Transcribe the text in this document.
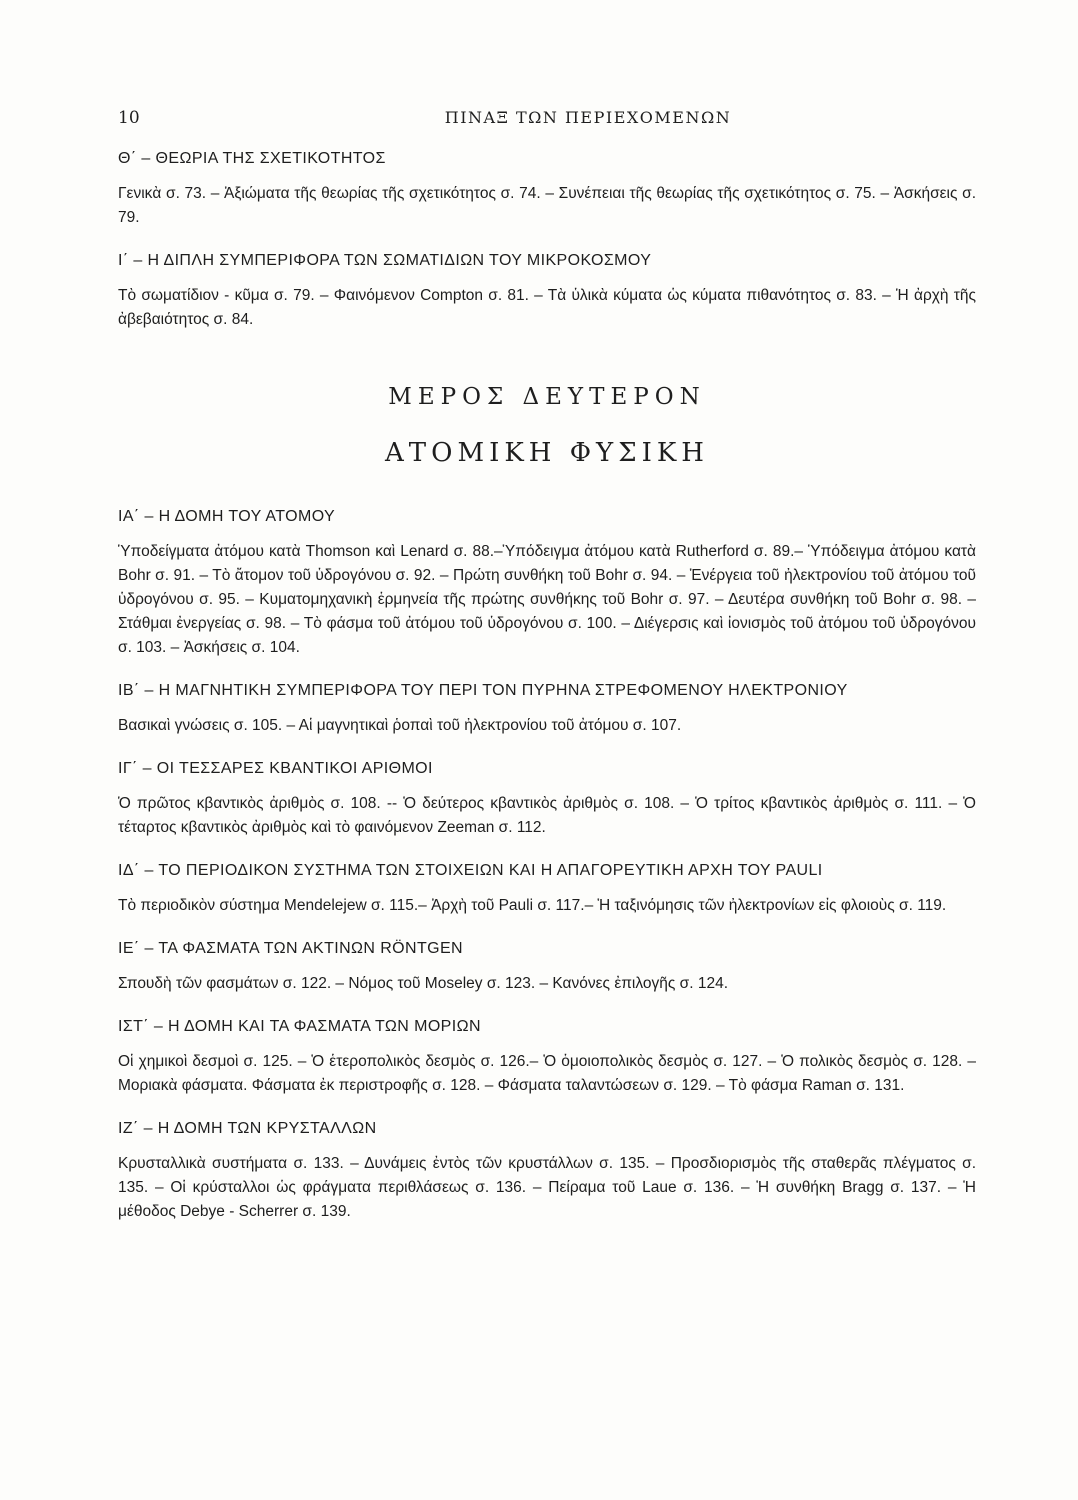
10	ΠΙΝΑΞ ΤΩΝ ΠΕΡΙΕΧΟΜΕΝΩΝ
Θ΄ – ΘΕΩΡΙΑ ΤΗΣ ΣΧΕΤΙΚΟΤΗΤΟΣ

Γενικὰ σ. 73. – Ἀξιώματα τῆς θεωρίας τῆς σχετικότητος σ. 74. – Συνέπειαι τῆς θεωρίας τῆς σχετικότητος σ. 75. – Ἀσκήσεις σ. 79.

Ι΄ – Η ΔΙΠΛΗ ΣΥΜΠΕΡΙΦΟΡΑ ΤΩΝ ΣΩΜΑΤΙΔΙΩΝ ΤΟΥ ΜΙΚΡΟΚΟΣΜΟΥ

Τὸ σωματίδιον - κῦμα σ. 79. – Φαινόμενον Compton σ. 81. – Τὰ ὑλικὰ κύματα ὡς κύματα πιθανότητος σ. 83. – Ἡ ἀρχὴ τῆς ἀβεβαιότητος σ. 84.

ΜΕΡΟΣ ΔΕΥΤΕΡΟΝ
ΑΤΟΜΙΚΗ ΦΥΣΙΚΗ
ΙΑ΄ – Η ΔΟΜΗ ΤΟΥ ΑΤΟΜΟΥ

Ὑποδείγματα ἀτόμου κατὰ Thomson καὶ Lenard σ. 88.–Ὑπόδειγμα ἀτόμου κατὰ Rutherford σ. 89.– Ὑπόδειγμα ἀτόμου κατὰ Bohr σ. 91. – Τὸ ἄτομον τοῦ ὑδρογόνου σ. 92. – Πρώτη συνθήκη τοῦ Bohr σ. 94. – Ἐνέργεια τοῦ ἠλεκτρονίου τοῦ ἀτόμου τοῦ ὑδρογόνου σ. 95. – Κυματομηχανικὴ ἑρμηνεία τῆς πρώτης συνθήκης τοῦ Bohr σ. 97. – Δευτέρα συνθήκη τοῦ Bohr σ. 98. – Στάθμαι ἐνεργείας σ. 98. – Τὸ φάσμα τοῦ ἀτόμου τοῦ ὑδρογόνου σ. 100. – Διέγερσις καὶ ἰονισμὸς τοῦ ἀτόμου τοῦ ὑδρογόνου σ. 103. – Ἀσκήσεις σ. 104.

ΙΒ΄ – Η ΜΑΓΝΗΤΙΚΗ ΣΥΜΠΕΡΙΦΟΡΑ ΤΟΥ ΠΕΡΙ ΤΟΝ ΠΥΡΗΝΑ ΣΤΡΕΦΟΜΕΝΟΥ ΗΛΕΚΤΡΟΝΙΟΥ

Βασικαὶ γνώσεις σ. 105. – Αἱ μαγνητικαὶ ῥοπαὶ τοῦ ἠλεκτρονίου τοῦ ἀτόμου σ. 107.

ΙΓ΄ – ΟΙ ΤΕΣΣΑΡΕΣ ΚΒΑΝΤΙΚΟΙ ΑΡΙΘΜΟΙ

Ὁ πρῶτος κβαντικὸς ἀριθμὸς σ. 108. -- Ὁ δεύτερος κβαντικὸς ἀριθμὸς σ. 108. – Ὁ τρίτος κβαντικὸς ἀριθμὸς σ. 111. – Ὁ τέταρτος κβαντικὸς ἀριθμὸς καὶ τὸ φαινόμενον Zeeman σ. 112.

ΙΔ΄ – ΤΟ ΠΕΡΙΟΔΙΚΟΝ ΣΥΣΤΗΜΑ ΤΩΝ ΣΤΟΙΧΕΙΩΝ ΚΑΙ Η ΑΠΑΓΟΡΕΥΤΙΚΗ ΑΡΧΗ ΤΟΥ PAULI

Τὸ περιοδικὸν σύστημα Mendelejew σ. 115.– Ἀρχὴ τοῦ Pauli σ. 117.– Ἡ ταξινόμησις τῶν ἠλεκτρονίων εἰς φλοιοὺς σ. 119.

ΙΕ΄ – ΤΑ ΦΑΣΜΑΤΑ ΤΩΝ ΑΚΤΙΝΩΝ RÖNTGEN

Σπουδὴ τῶν φασμάτων σ. 122. – Νόμος τοῦ Moseley σ. 123. – Κανόνες ἐπιλογῆς σ. 124.

ΙΣΤ΄ – Η ΔΟΜΗ ΚΑΙ ΤΑ ΦΑΣΜΑΤΑ ΤΩΝ ΜΟΡΙΩΝ

Οἱ χημικοὶ δεσμοὶ σ. 125. – Ὁ ἑτεροπολικὸς δεσμὸς σ. 126.– Ὁ ὁμοιοπολικὸς δεσμὸς σ. 127. – Ὁ πολικὸς δεσμὸς σ. 128. – Μοριακὰ φάσματα. Φάσματα ἐκ περιστροφῆς σ. 128. – Φάσματα ταλαντώσεων σ. 129. – Τὸ φάσμα Raman σ. 131.

ΙΖ΄ – Η ΔΟΜΗ ΤΩΝ ΚΡΥΣΤΑΛΛΩΝ

Κρυσταλλικὰ συστήματα σ. 133. – Δυνάμεις ἐντὸς τῶν κρυστάλλων σ. 135. – Προσδιορισμὸς τῆς σταθερᾶς πλέγματος σ. 135. – Οἱ κρύσταλλοι ὡς φράγματα περιθλάσεως σ. 136. – Πείραμα τοῦ Laue σ. 136. – Ἡ συνθήκη Bragg σ. 137. – Ἡ μέθοδος Debye - Scherrer σ. 139.
